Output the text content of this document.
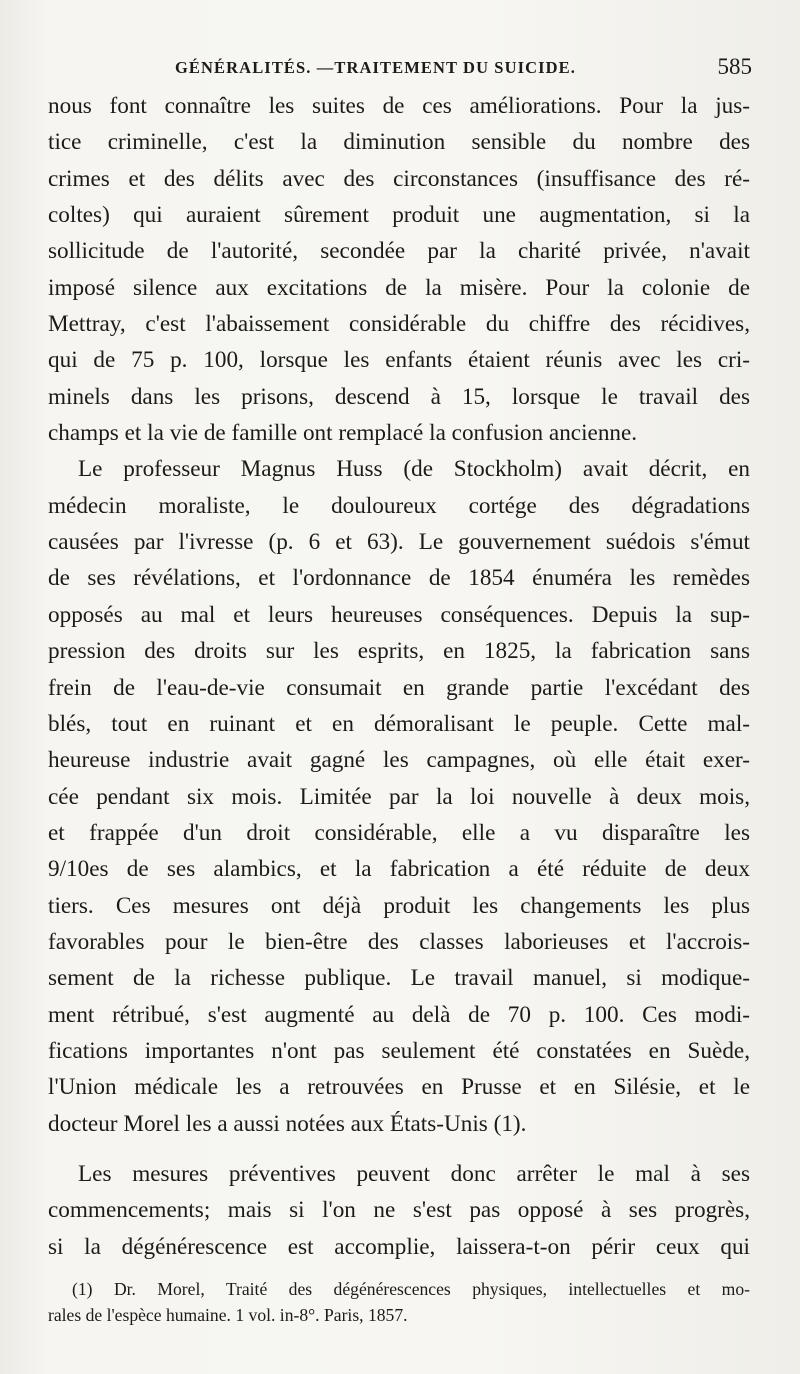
GÉNÉRALITÉS. —TRAITEMENT DU SUICIDE.	585
nous font connaître les suites de ces améliorations. Pour la jus-
tice criminelle, c'est la diminution sensible du nombre des
crimes et des délits avec des circonstances (insuffisance des ré-
coltes) qui auraient sûrement produit une augmentation, si la
sollicitude de l'autorité, secondée par la charité privée, n'avait
imposé silence aux excitations de la misère. Pour la colonie de
Mettray, c'est l'abaissement considérable du chiffre des récidives,
qui de 75 p. 100, lorsque les enfants étaient réunis avec les cri-
minels dans les prisons, descend à 15, lorsque le travail des
champs et la vie de famille ont remplacé la confusion ancienne.
Le professeur Magnus Huss (de Stockholm) avait décrit, en
médecin moraliste, le douloureux cortége des dégradations
causées par l'ivresse (p. 6 et 63). Le gouvernement suédois s'émut
de ses révélations, et l'ordonnance de 1854 énuméra les remèdes
opposés au mal et leurs heureuses conséquences. Depuis la sup-
pression des droits sur les esprits, en 1825, la fabrication sans
frein de l'eau-de-vie consumait en grande partie l'excédant des
blés, tout en ruinant et en démoralisant le peuple. Cette mal-
heureuse industrie avait gagné les campagnes, où elle était exer-
cée pendant six mois. Limitée par la loi nouvelle à deux mois,
et frappée d'un droit considérable, elle a vu disparaître les
9/10es de ses alambics, et la fabrication a été réduite de deux
tiers. Ces mesures ont déjà produit les changements les plus
favorables pour le bien-être des classes laborieuses et l'accrois-
sement de la richesse publique. Le travail manuel, si modique-
ment rétribué, s'est augmenté au delà de 70 p. 100. Ces modi-
fications importantes n'ont pas seulement été constatées en Suède,
l'Union médicale les a retrouvées en Prusse et en Silésie, et le
docteur Morel les a aussi notées aux États-Unis (1).
Les mesures préventives peuvent donc arrêter le mal à ses
commencements; mais si l'on ne s'est pas opposé à ses progrès,
si la dégénérescence est accomplie, laissera-t-on périr ceux qui
(1) Dr. Morel, Traité des dégénérescences physiques, intellectuelles et mo-
rales de l'espèce humaine. 1 vol. in-8°. Paris, 1857.
